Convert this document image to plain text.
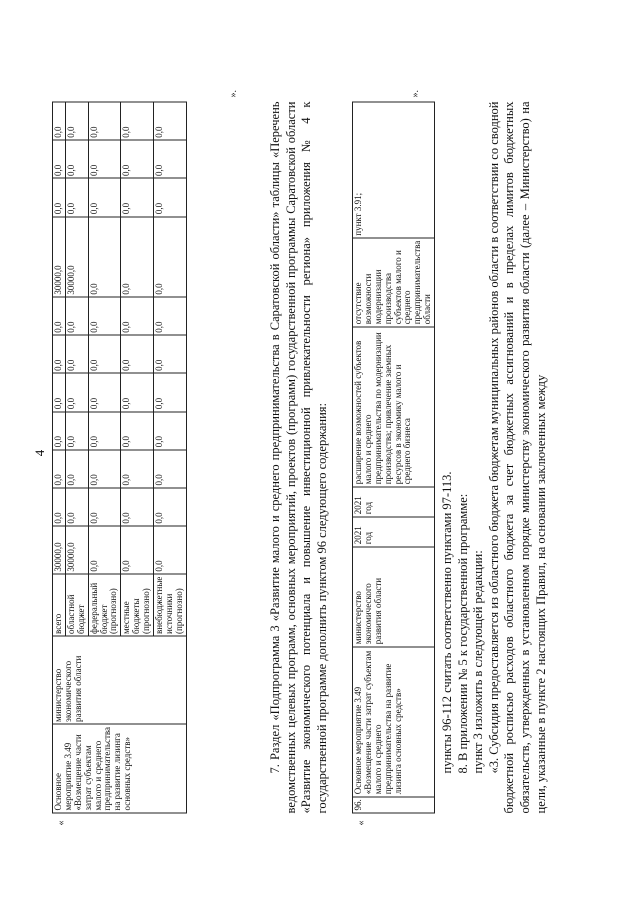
4
«
Основное мероприятие 3.49 «Возмещение части затрат субъектам малого и среднего предпринимательства на развитие лизинга основных средств»	министерство экономического развития области	всего	30000,0	0,0	0,0	0,0	0,0	0,0	0,0	30000,0	0,0	0,0	0,0
		областной бюджет	30000,0	0,0	0,0	0,0	0,0	0,0	0,0	30000,0	0,0	0,0	0,0
		федеральный бюджет (прогнозно)	0,0	0,0	0,0	0,0	0,0	0,0	0,0	0,0	0,0	0,0	0,0
		местные бюджеты (прогнозно)	0,0	0,0	0,0	0,0	0,0	0,0	0,0	0,0	0,0	0,0	0,0
		внебюджетные источники (прогнозно)	0,0	0,0	0,0	0,0	0,0	0,0	0,0	0,0	0,0	0,0	0,0
».
7. Раздел «Подпрограмма 3 «Развитие малого и среднего предпринимательства в Саратовской области» таблицы «Перечень ведомственных целевых программ, основных мероприятий, проектов (программ) государственной программы Саратовской области «Развитие экономического потенциала и повышение инвестиционной привлекательности региона» приложения № 4 к государственной программе дополнить пунктом 96 следующего содержания:
«
96.	Основное мероприятие 3.49 «Возмещение части затрат субъектам малого и среднего предпринимательства на развитие лизинга основных средств»	министерство экономического развития области	2021 год	2021 год	расширение возможностей субъектов малого и среднего предпринимательства по модернизации производства; привлечение заемных ресурсов в экономику малого и среднего бизнеса	отсутствие возможности модернизации производства субъектов малого и среднего предпринимательства области	пункт 3.91;
».

пункты 96-112 считать соответственно пунктами 97-113. 8. В приложении № 5 к государственной программе: пункт 3 изложить в следующей редакции: «3. Субсидия предоставляется из областного бюджета бюджетам муниципальных районов области в соответствии со сводной бюджетной росписью расходов областного бюджета за счет бюджетных ассигнований и в пределах лимитов бюджетных обязательств, утвержденных в установленном порядке министерству экономического развития области (далее – Министерство) на цели, указанные в пункте 2 настоящих Правил, на основании заключенных между
